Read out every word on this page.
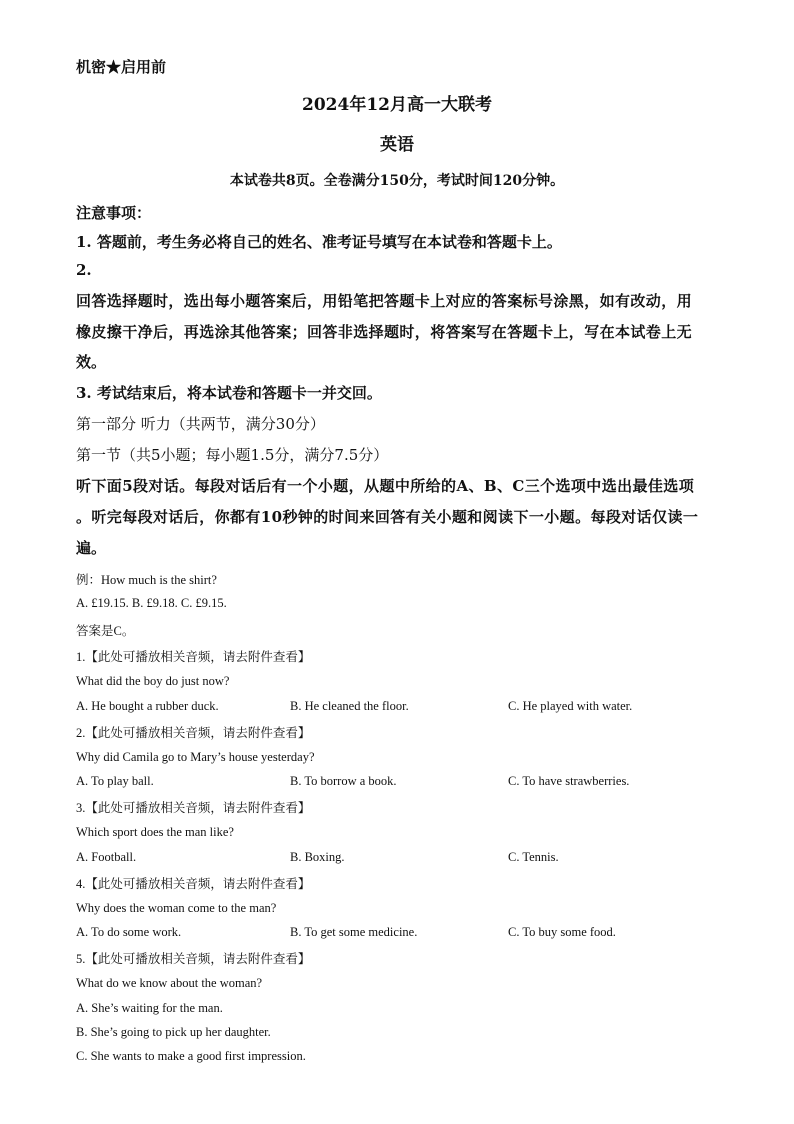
机密★启用前
2024年12月高一大联考
英语
本试卷共8页。全卷满分150分，考试时间120分钟。
注意事项：
1. 答题前，考生务必将自己的姓名、准考证号填写在本试卷和答题卡上。
2.
回答选择题时，选出每小题答案后，用铅笔把答题卡上对应的答案标号涂黑，如有改动，用
橡皮擦干净后，再选涂其他答案；回答非选择题时，将答案写在答题卡上，写在本试卷上无
效。
3. 考试结束后，将本试卷和答题卡一并交回。
第一部分 听力（共两节，满分30分）
第一节（共5小题；每小题1.5分，满分7.5分）
听下面5段对话。每段对话后有一个小题，从题中所给的A、B、C三个选项中选出最佳选项
。听完每段对话后，你都有10秒钟的时间来回答有关小题和阅读下一小题。每段对话仅读一
遍。
例：How much is the shirt?
A. £19.15. B. £9.18. C. £9.15.
答案是C。
1.【此处可播放相关音频，请去附件查看】
What did the boy do just now?
A. He bought a rubber duck.	B. He cleaned the floor.	C. He played with water.
2.【此处可播放相关音频，请去附件查看】
Why did Camila go to Mary’s house yesterday?
A. To play ball.	B. To borrow a book.	C. To have strawberries.
3.【此处可播放相关音频，请去附件查看】
Which sport does the man like?
A. Football.	B. Boxing.	C. Tennis.
4.【此处可播放相关音频，请去附件查看】
Why does the woman come to the man?
A. To do some work.	B. To get some medicine.	C. To buy some food.
5.【此处可播放相关音频，请去附件查看】
What do we know about the woman?
A. She’s waiting for the man.
B. She’s going to pick up her daughter.
C. She wants to make a good first impression.
